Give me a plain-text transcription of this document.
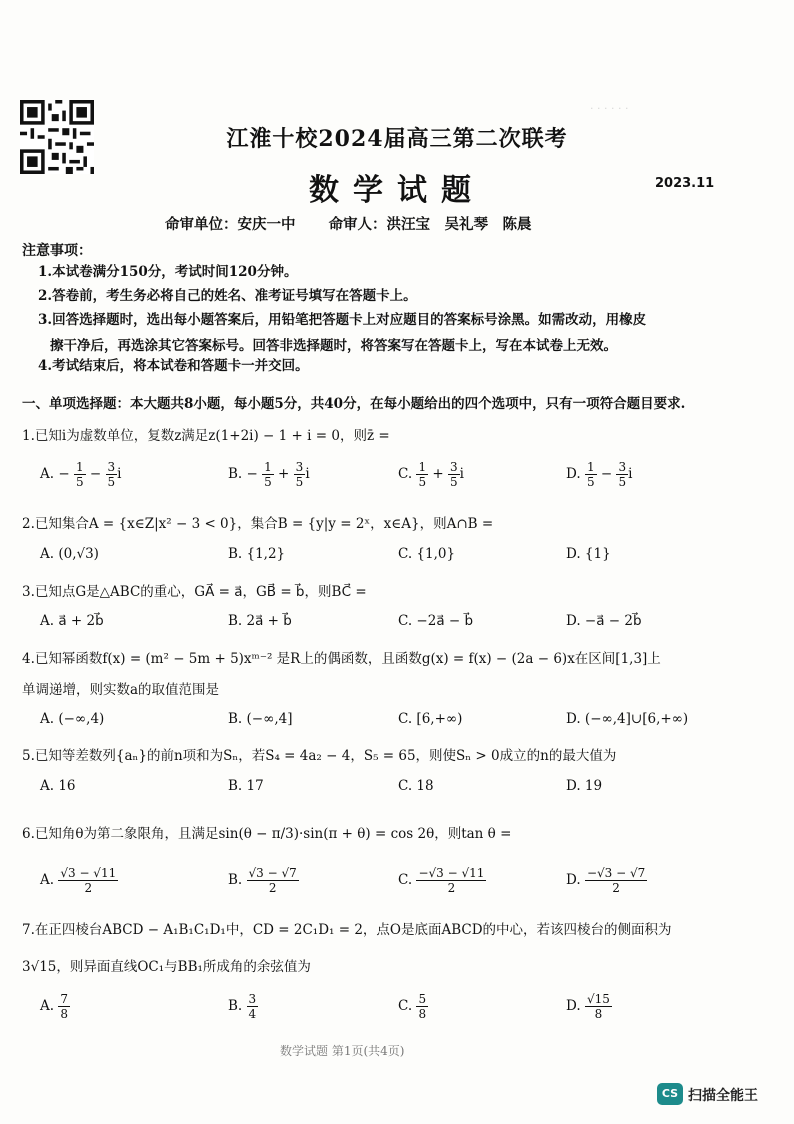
· · · · · ·
江淮十校2024届高三第二次联考
数学试题	2023.11
命审单位：安庆一中 命审人：洪汪宝　吴礼琴　陈晨
注意事项：
1.本试卷满分150分，考试时间120分钟。
2.答卷前，考生务必将自己的姓名、准考证号填写在答题卡上。
3.回答选择题时，选出每小题答案后，用铅笔把答题卡上对应题目的答案标号涂黑。如需改动，用橡皮
擦干净后，再选涂其它答案标号。回答非选择题时，将答案写在答题卡上，写在本试卷上无效。
4.考试结束后，将本试卷和答题卡一并交回。
一、单项选择题：本大题共8小题，每小题5分，共40分，在每小题给出的四个选项中，只有一项符合题目要求.
1.已知i为虚数单位，复数z满足z(1+2i) − 1 + i = 0，则z̄ =
A. − $\frac{1}{5} - \frac{3}{5}$ i	B. − $\frac{1}{5} + \frac{3}{5}$ i	C. $\frac{1}{5} + \frac{3}{5}$ i	D. $\frac{1}{5} - \frac{3}{5}$ i
2.已知集合A = {x∈Z|x² − 3 < 0}，集合B = {y|y = 2ˣ，x∈A}，则A∩B =
A. (0,√3)	B. {1,2}	C. {1,0}	D. {1}
3.已知点G是△ABC的重心，GA⃗ = a⃗，GB⃗ = b⃗，则BC⃗ =
A. a⃗ + 2b⃗	B. 2a⃗ + b⃗	C. −2a⃗ − b⃗	D. −a⃗ − 2b⃗
4.已知幂函数f(x) = (m² − 5m + 5)xᵐ⁻² 是R上的偶函数，且函数g(x) = f(x) − (2a − 6)x在区间[1,3]上
单调递增，则实数a的取值范围是
A. (−∞,4)	B. (−∞,4]	C. [6,+∞)	D. (−∞,4]∪[6,+∞)
5.已知等差数列{aₙ}的前n项和为Sₙ，若S₄ = 4a₂ − 4，S₅ = 65，则使Sₙ > 0成立的n的最大值为
A. 16	B. 17	C. 18	D. 19
6.已知角θ为第二象限角，且满足sin(θ − π/3)·sin(π + θ) = cos 2θ，则tan θ =
A. $\frac{√3 - √11}{2}$	B. $\frac{√3 - √7}{2}$	C. $\frac{-√3 - √11}{2}$	D. $\frac{-√3 - √7}{2}$
7.在正四棱台ABCD − A₁B₁C₁D₁中，CD = 2C₁D₁ = 2，点O是底面ABCD的中心，若该四棱台的侧面积为
3√15，则异面直线OC₁与BB₁所成角的余弦值为
A. $\frac{7}{8}$	B. $\frac{3}{4}$	C. $\frac{5}{8}$	D. $\frac{√15}{8}$
数学试题 第1页(共4页)
CS 扫描全能王
